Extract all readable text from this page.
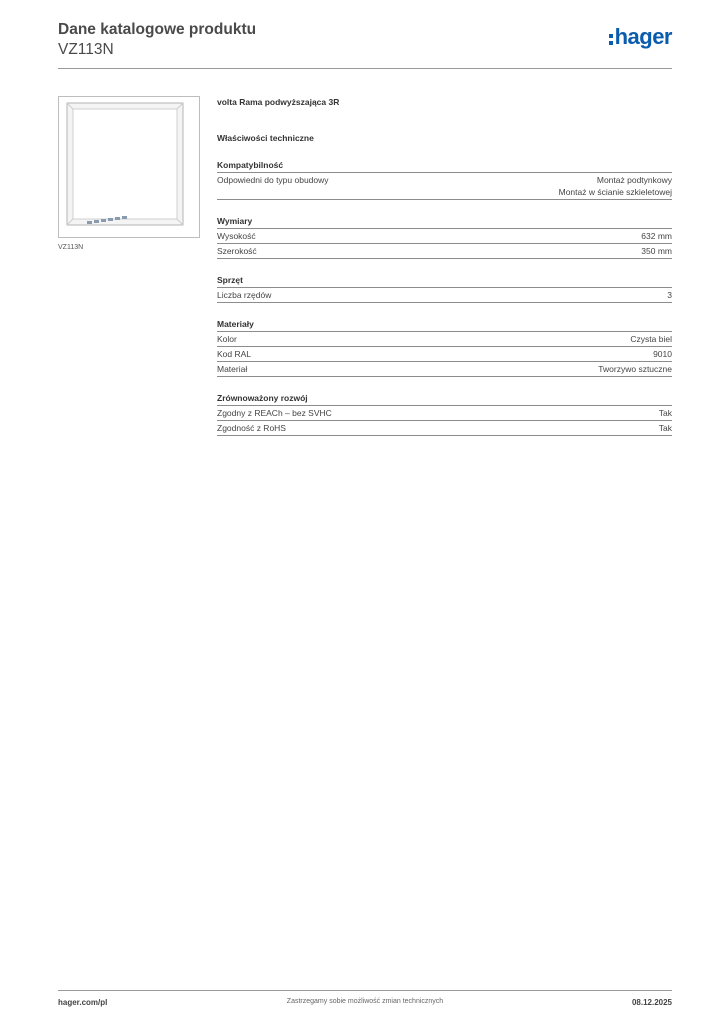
Dane katalogowe produktu
VZ113N
hager
VZ113N
volta Rama podwyższająca 3R
Właściwości techniczne
Kompatybilność
Odpowiedni do typu obudowy	Montaż podtynkowy
Montaż w ścianie szkieletowej
Wymiary
Wysokość	632 mm
Szerokość	350 mm
Sprzęt
Liczba rzędów	3
Materiały
Kolor	Czysta biel
Kod RAL	9010
Materiał	Tworzywo sztuczne
Zrównoważony rozwój
Zgodny z REACh – bez SVHC	Tak
Zgodność z RoHS	Tak
hager.com/pl	Zastrzegamy sobie możliwość zmian technicznych	08.12.2025
